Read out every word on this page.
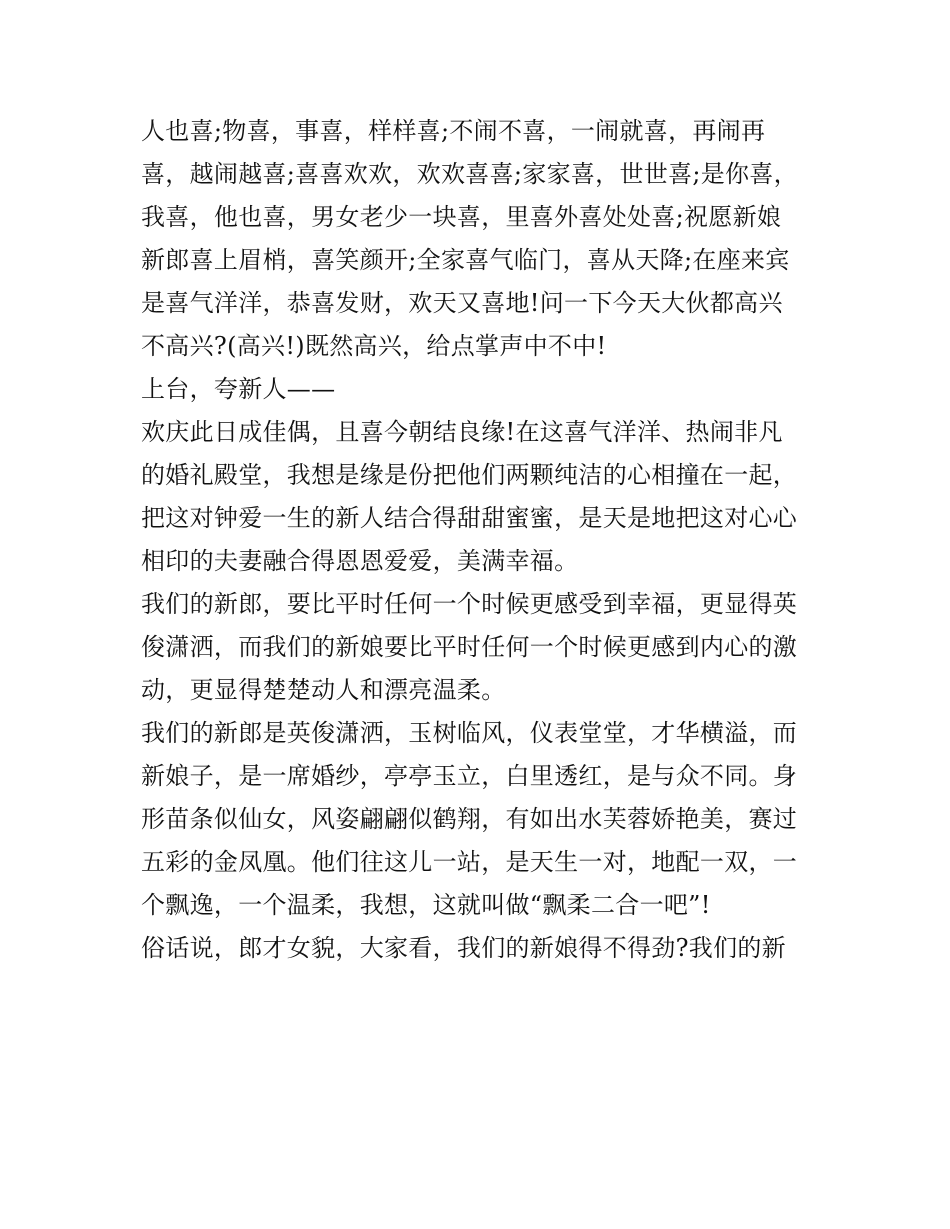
人也喜;物喜，事喜，样样喜;不闹不喜，一闹就喜，再闹再
喜，越闹越喜;喜喜欢欢，欢欢喜喜;家家喜，世世喜;是你喜，
我喜，他也喜，男女老少一块喜，里喜外喜处处喜;祝愿新娘
新郎喜上眉梢，喜笑颜开;全家喜气临门，喜从天降;在座来宾
是喜气洋洋，恭喜发财，欢天又喜地!问一下今天大伙都高兴
不高兴?(高兴!)既然高兴，给点掌声中不中!
上台，夸新人——
欢庆此日成佳偶，且喜今朝结良缘!在这喜气洋洋、热闹非凡
的婚礼殿堂，我想是缘是份把他们两颗纯洁的心相撞在一起，
把这对钟爱一生的新人结合得甜甜蜜蜜，是天是地把这对心心
相印的夫妻融合得恩恩爱爱，美满幸福。
我们的新郎，要比平时任何一个时候更感受到幸福，更显得英
俊潇洒，而我们的新娘要比平时任何一个时候更感到内心的激
动，更显得楚楚动人和漂亮温柔。
我们的新郎是英俊潇洒，玉树临风，仪表堂堂，才华横溢，而
新娘子，是一席婚纱，亭亭玉立，白里透红，是与众不同。身
形苗条似仙女，风姿翩翩似鹤翔，有如出水芙蓉娇艳美，赛过
五彩的金凤凰。他们往这儿一站，是天生一对，地配一双，一
个飘逸，一个温柔，我想，这就叫做“飘柔二合一吧”!
俗话说，郎才女貌，大家看，我们的新娘得不得劲?我们的新
